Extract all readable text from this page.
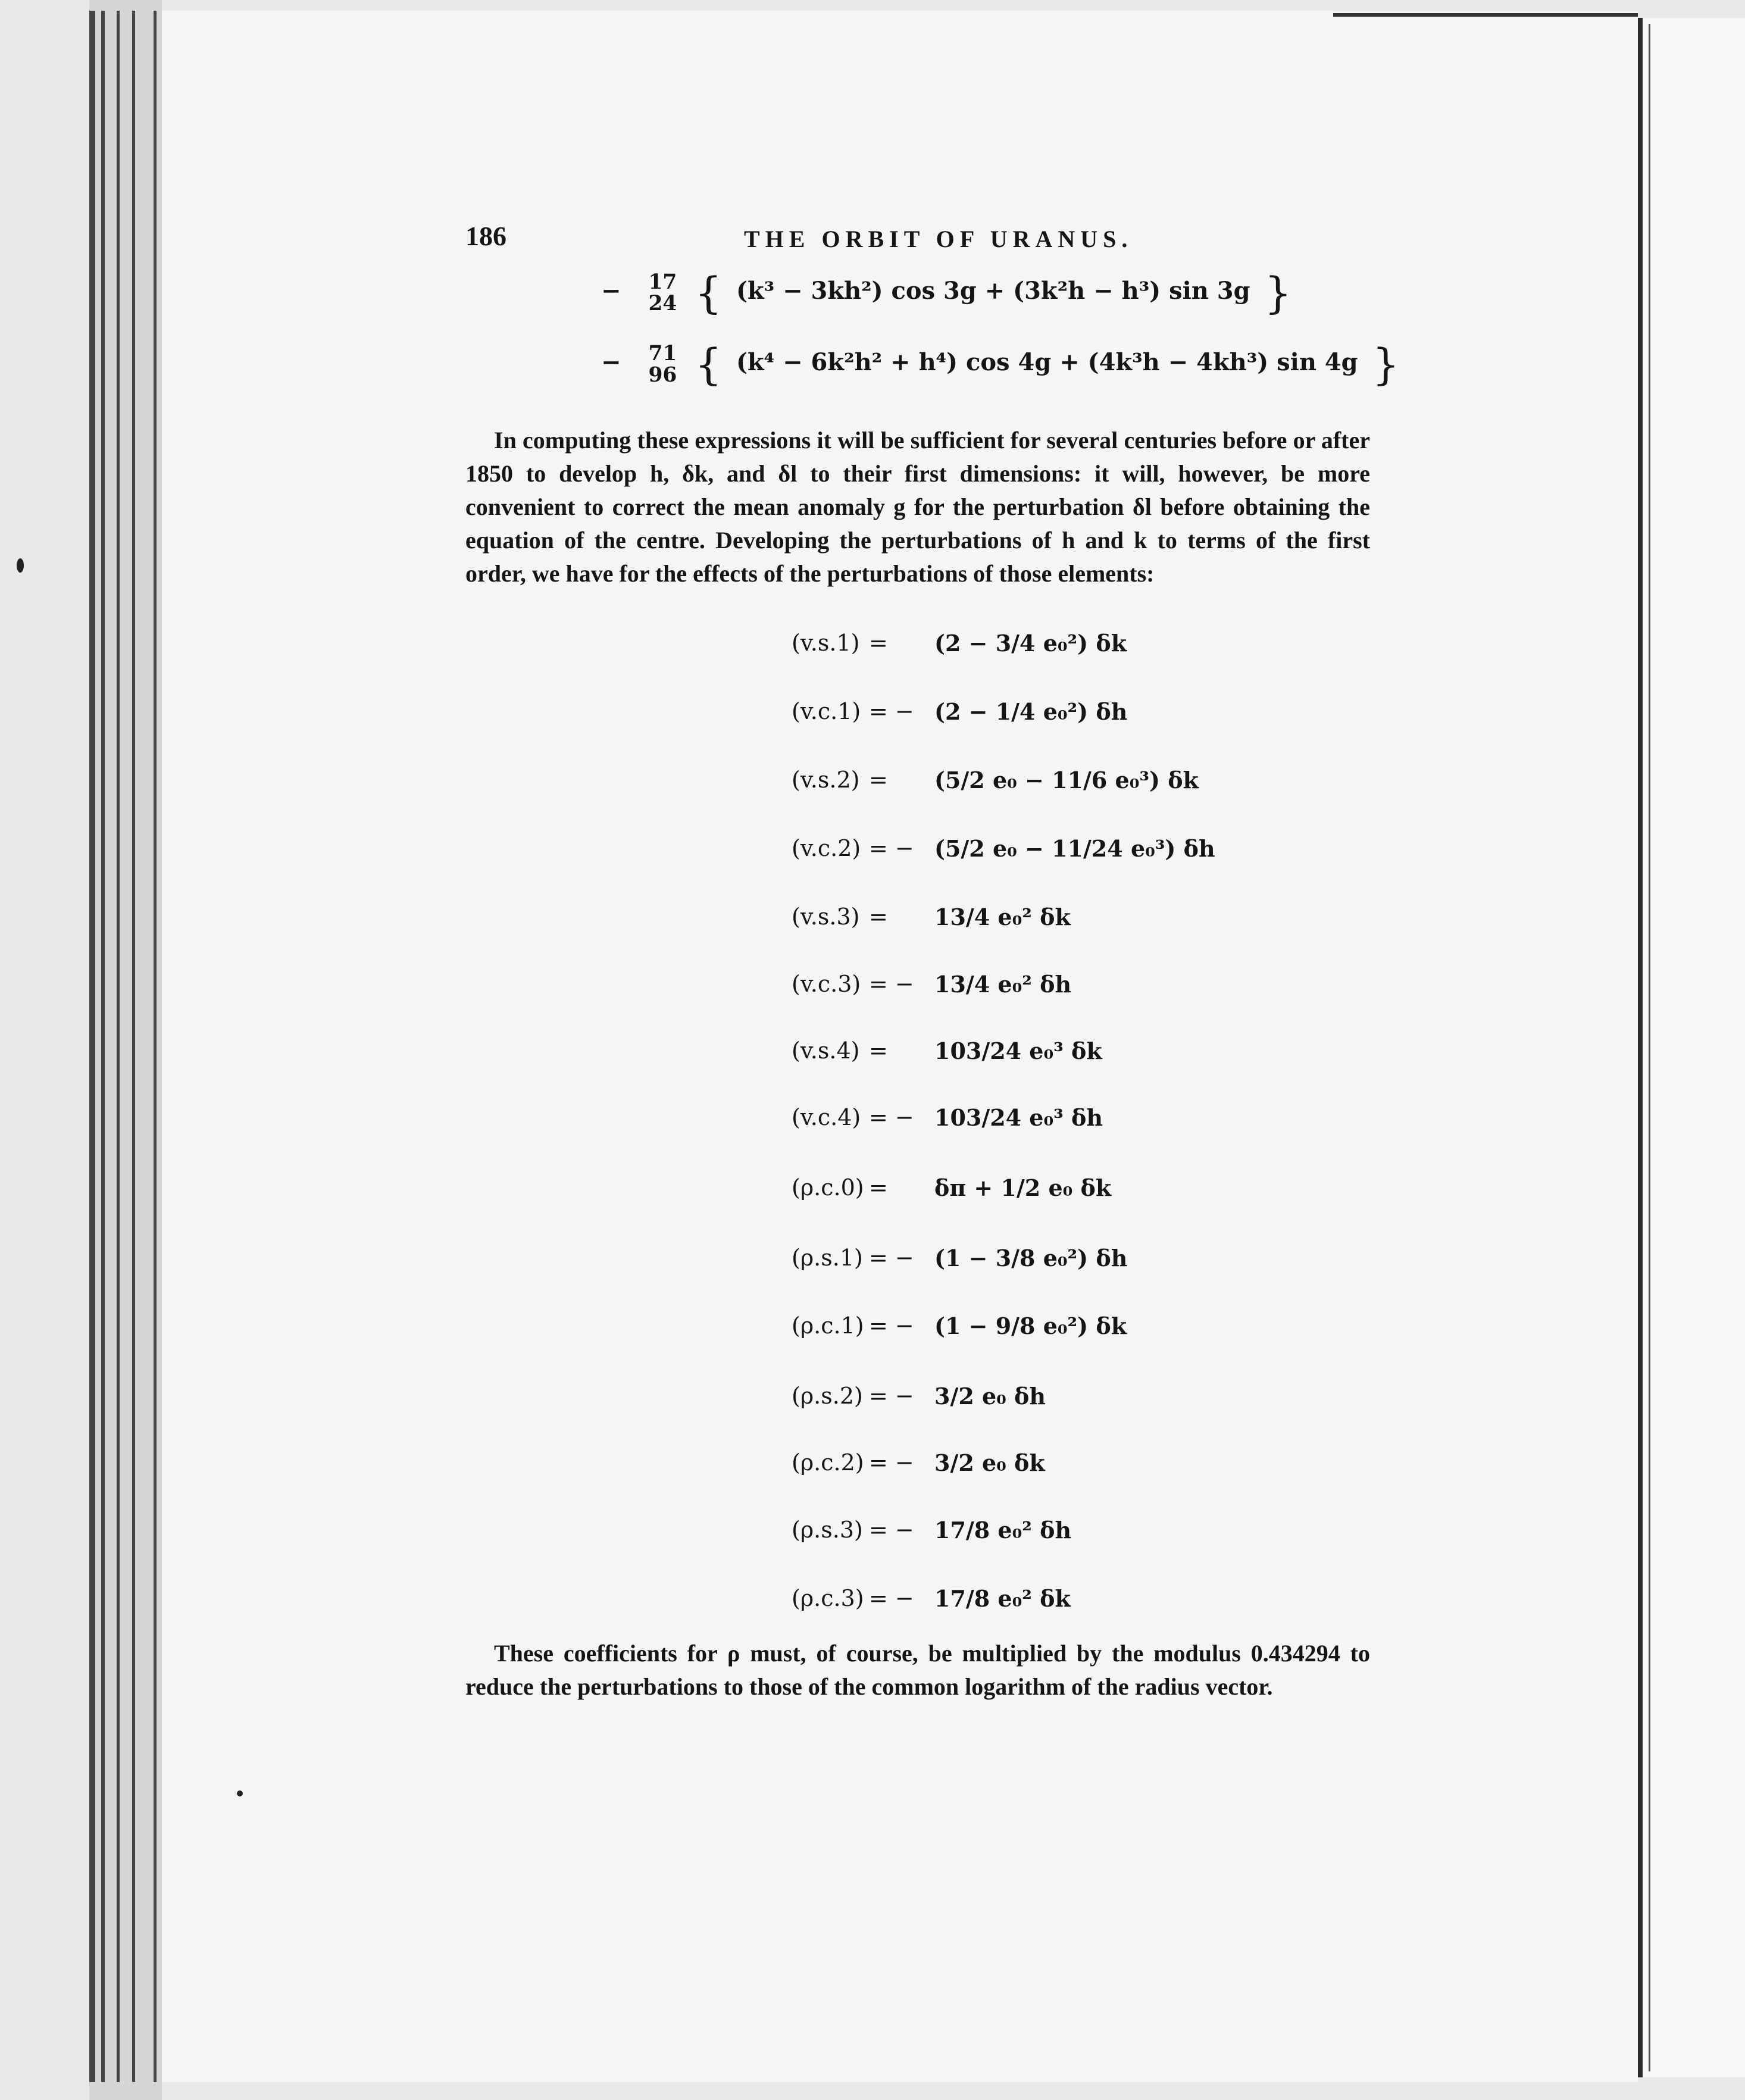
186	THE ORBIT OF URANUS.
− 17
24 { (k³ − 3kh²) cos 3g + (3k²h − h³) sin 3g }
− 71
96 { (k⁴ − 6k²h² + h⁴) cos 4g + (4k³h − 4kh³) sin 4g }
In computing these expressions it will be sufficient for several centuries before or after 1850 to develop h, δk, and δl to their first dimensions: it will, however, be more convenient to correct the mean anomaly g for the perturbation δl before obtaining the equation of the centre. Developing the perturbations of h and k to terms of the first order, we have for the effects of the perturbations of those elements:
(v.s.1) =	(2 − 3/4 e₀²) δk
(v.c.1) = − (2 − 1/4 e₀²) δh
(v.s.2) =	(5/2 e₀ − 11/6 e₀³) δk
(v.c.2) = − (5/2 e₀ − 11/24 e₀³) δh
(v.s.3) =	13/4 e₀² δk
(v.c.3) = − 13/4 e₀² δh
(v.s.4) =	103/24 e₀³ δk
(v.c.4) = − 103/24 e₀³ δh
(ρ.c.0) =	δπ + 1/2 e₀ δk
(ρ.s.1) = − (1 − 3/8 e₀²) δh
(ρ.c.1) = − (1 − 9/8 e₀²) δk
(ρ.s.2) = − 3/2 e₀ δh
(ρ.c.2) = − 3/2 e₀ δk
(ρ.s.3) = − 17/8 e₀² δh
(ρ.c.3) = − 17/8 e₀² δk
These coefficients for ρ must, of course, be multiplied by the modulus 0.434294 to reduce the perturbations to those of the common logarithm of the radius vector.
